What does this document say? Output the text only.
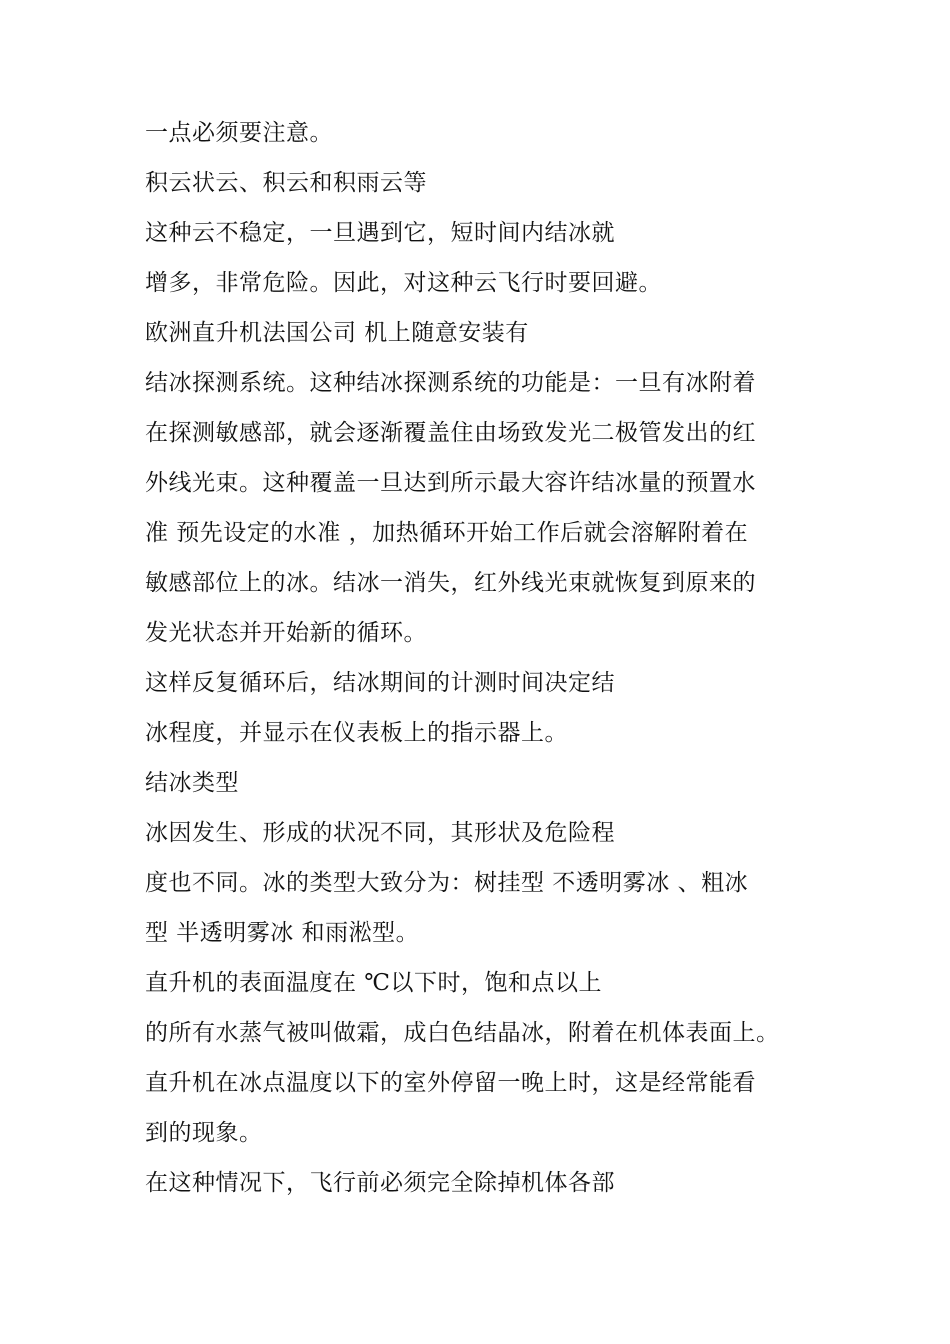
一点必须要注意。
积云状云、积云和积雨云等
这种云不稳定，一旦遇到它，短时间内结冰就
增多，非常危险。因此，对这种云飞行时要回避。
欧洲直升机法国公司 机上随意安装有
结冰探测系统。这种结冰探测系统的功能是：一旦有冰附着
在探测敏感部，就会逐渐覆盖住由场致发光二极管发出的红
外线光束。这种覆盖一旦达到所示最大容许结冰量的预置水
准 预先设定的水准 ，加热循环开始工作后就会溶解附着在
敏感部位上的冰。结冰一消失，红外线光束就恢复到原来的
发光状态并开始新的循环。
这样反复循环后，结冰期间的计测时间决定结
冰程度，并显示在仪表板上的指示器上。
结冰类型
冰因发生、形成的状况不同，其形状及危险程
度也不同。冰的类型大致分为：树挂型 不透明雾冰 、粗冰
型 半透明雾冰 和雨淞型。
直升机的表面温度在 ℃以下时，饱和点以上
的所有水蒸气被叫做霜，成白色结晶冰，附着在机体表面上。
直升机在冰点温度以下的室外停留一晚上时，这是经常能看
到的现象。
在这种情况下，飞行前必须完全除掉机体各部
